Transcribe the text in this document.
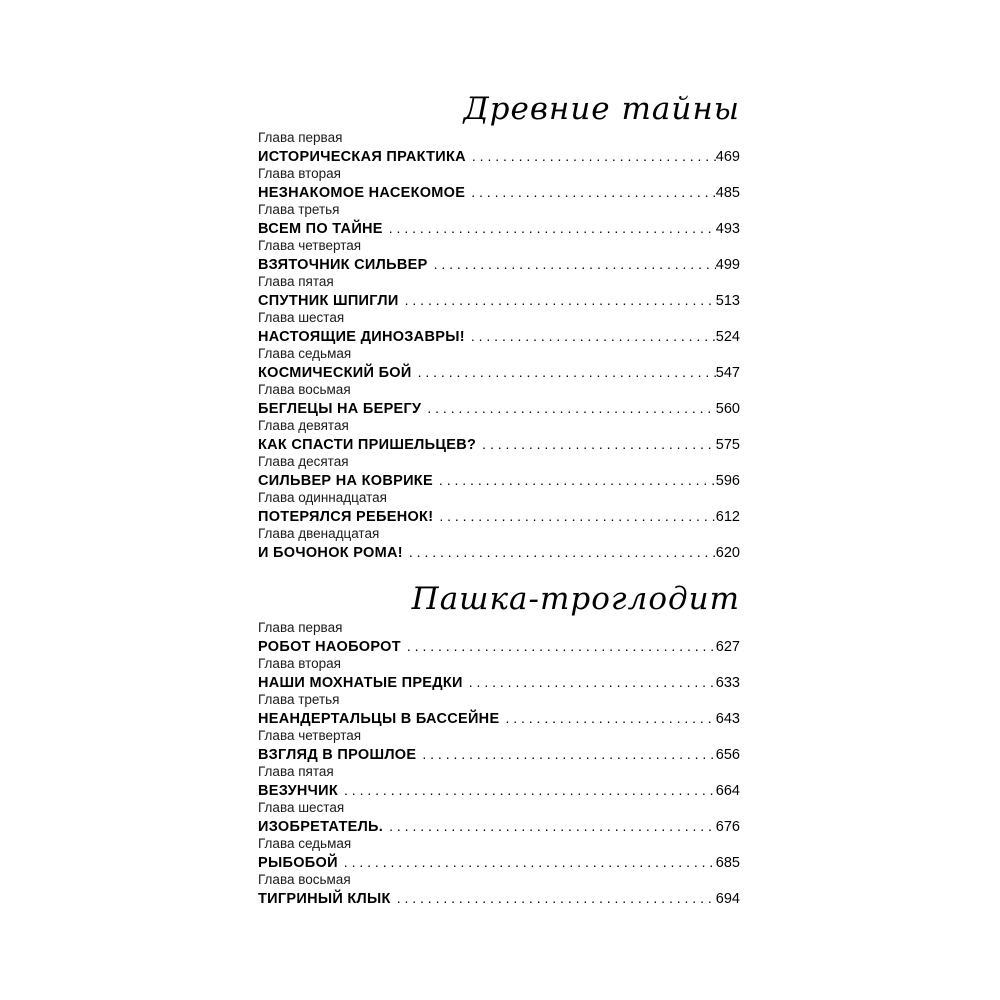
Древние тайны
Глава первая
ИСТОРИЧЕСКАЯ ПРАКТИКА . . .	469
Глава вторая
НЕЗНАКОМОЕ НАСЕКОМОЕ . . .	485
Глава третья
ВСЕМ ПО ТАЙНЕ . . .	493
Глава четвертая
ВЗЯТОЧНИК СИЛЬВЕР . . .	499
Глава пятая
СПУТНИК ШПИГЛИ . . .	513
Глава шестая
НАСТОЯЩИЕ ДИНОЗАВРЫ! . . .	524
Глава седьмая
КОСМИЧЕСКИЙ БОЙ . . .	547
Глава восьмая
БЕГЛЕЦЫ НА БЕРЕГУ . . .	560
Глава девятая
КАК СПАСТИ ПРИШЕЛЬЦЕВ? . . .	575
Глава десятая
СИЛЬВЕР НА КОВРИКЕ . . .	596
Глава одиннадцатая
ПОТЕРЯЛСЯ РЕБЕНОК! . . .	612
Глава двенадцатая
И БОЧОНОК РОМА! . . .	620
Пашка-троглодит
Глава первая
РОБОТ НАОБОРОТ . . .	627
Глава вторая
НАШИ МОХНАТЫЕ ПРЕДКИ . . .	633
Глава третья
НЕАНДЕРТАЛЬЦЫ В БАССЕЙНЕ . . .	643
Глава четвертая
ВЗГЛЯД В ПРОШЛОЕ . . .	656
Глава пятая
ВЕЗУНЧИК . . .	664
Глава шестая
ИЗОБРЕТАТЕЛЬ. . . .	676
Глава седьмая
РЫБОБОЙ . . .	685
Глава восьмая
ТИГРИНЫЙ КЛЫК . . .	694
